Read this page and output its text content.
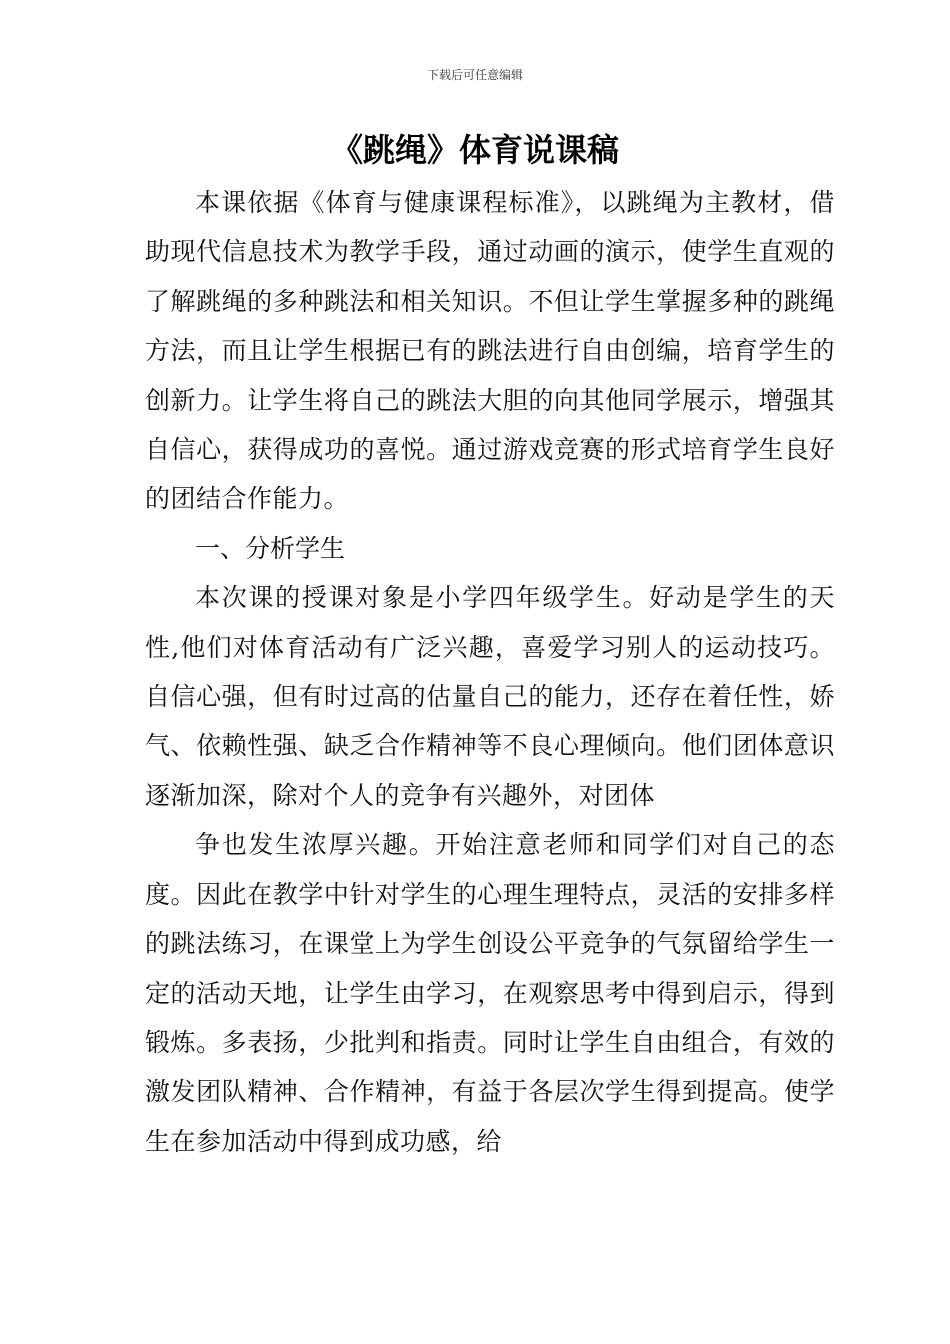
下载后可任意编辑
《跳绳》体育说课稿

本课依据《体育与健康课程标准》，以跳绳为主教材，借助现代信息技术为教学手段，通过动画的演示，使学生直观的了解跳绳的多种跳法和相关知识。不但让学生掌握多种的跳绳方法，而且让学生根据已有的跳法进行自由创编，培育学生的创新力。让学生将自己的跳法大胆的向其他同学展示，增强其自信心，获得成功的喜悦。通过游戏竞赛的形式培育学生良好的团结合作能力。

一、分析学生

本次课的授课对象是小学四年级学生。好动是学生的天性,他们对体育活动有广泛兴趣，喜爱学习别人的运动技巧。自信心强，但有时过高的估量自己的能力，还存在着任性，娇气、依赖性强、缺乏合作精神等不良心理倾向。他们团体意识逐渐加深，除对个人的竞争有兴趣外，对团体

争也发生浓厚兴趣。开始注意老师和同学们对自己的态度。因此在教学中针对学生的心理生理特点，灵活的安排多样的跳法练习，在课堂上为学生创设公平竞争的气氛留给学生一定的活动天地，让学生由学习，在观察思考中得到启示，得到锻炼。多表扬，少批判和指责。同时让学生自由组合，有效的激发团队精神、合作精神，有益于各层次学生得到提高。使学生在参加活动中得到成功感，给
